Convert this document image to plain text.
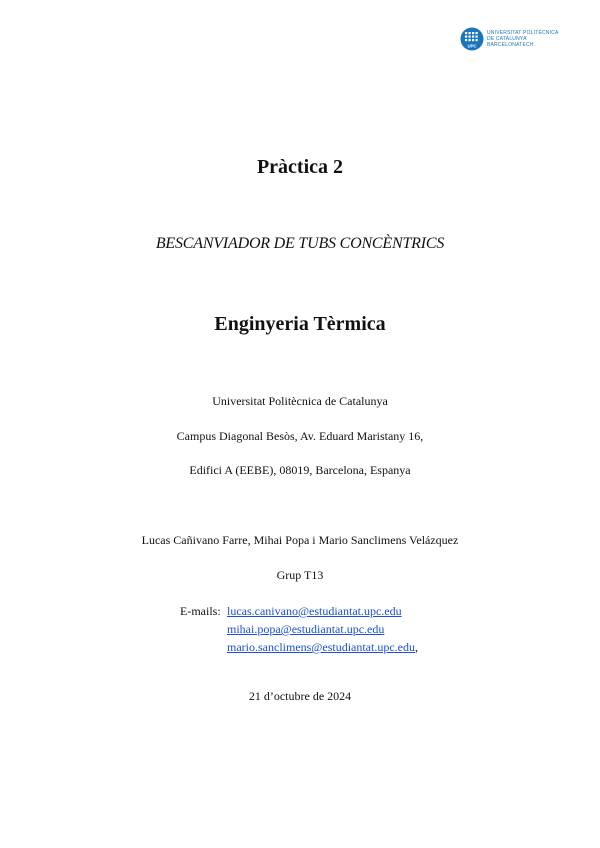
UPC
UNIVERSITAT POLITÈCNICA
DE CATALUNYA
BARCELONATECH
Pràctica 2
BESCANVIADOR DE TUBS CONCÈNTRICS
Enginyeria Tèrmica
Universitat Politècnica de Catalunya
Campus Diagonal Besòs, Av. Eduard Maristany 16,
Edifici A (EEBE), 08019, Barcelona, Espanya
Lucas Cañivano Farre, Mihai Popa i Mario Sanclimens Velázquez
Grup T13
E-mails: lucas.canivano@estudiantat.upc.edu
mihai.popa@estudiantat.upc.edu
mario.sanclimens@estudiantat.upc.edu ,
21 d’octubre de 2024
